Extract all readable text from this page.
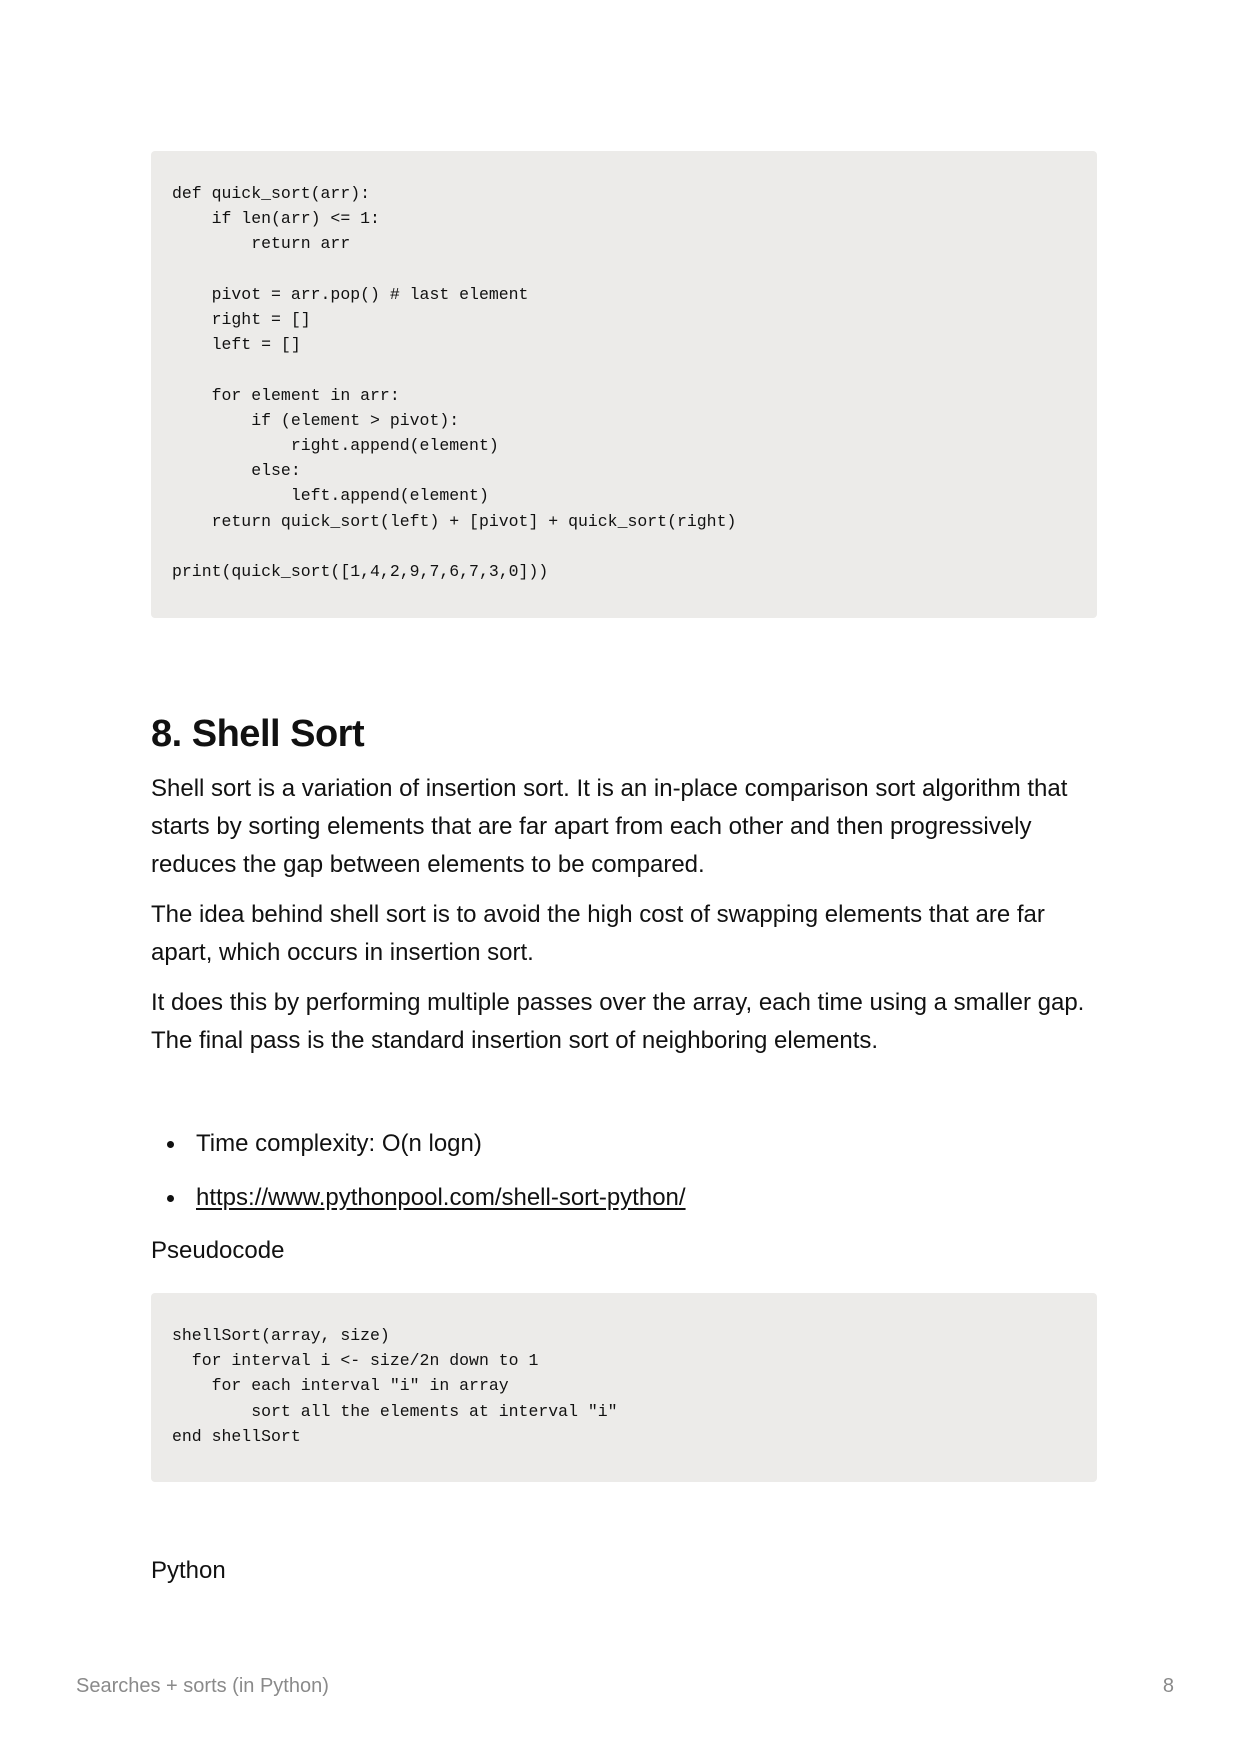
def quick_sort(arr):
if len(arr) <= 1:
return arr

pivot = arr.pop() # last element
right = []
left = []

for element in arr:
if (element > pivot):
right.append(element)
else:
left.append(element)
return quick_sort(left) + [pivot] + quick_sort(right)

print(quick_sort([1,4,2,9,7,6,7,3,0]))
8. Shell Sort

Shell sort is a variation of insertion sort. It is an in-place comparison sort algorithm that starts by sorting elements that are far apart from each other and then progressively reduces the gap between elements to be compared.

The idea behind shell sort is to avoid the high cost of swapping elements that are far apart, which occurs in insertion sort.

It does this by performing multiple passes over the array, each time using a smaller gap. The final pass is the standard insertion sort of neighboring elements.

Time complexity: O(n logn)
https://www.pythonpool.com/shell-sort-python/

Pseudocode

shellSort(array, size)
for interval i <- size/2n down to 1
for each interval "i" in array
sort all the elements at interval "i"
end shellSort

Python

Searches + sorts (in Python)	8
